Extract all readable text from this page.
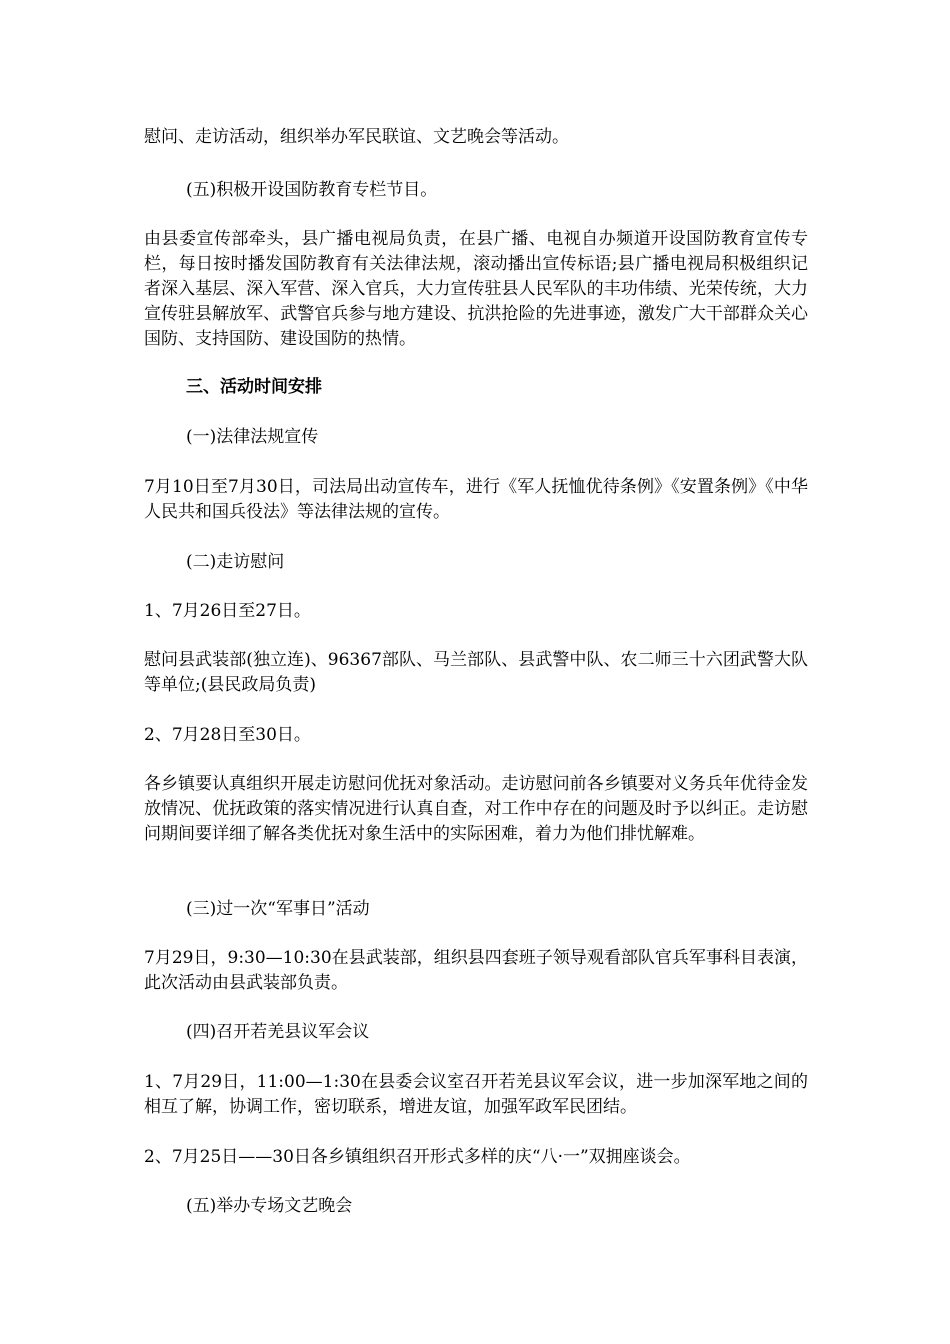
慰问、走访活动，组织举办军民联谊、文艺晚会等活动。

(五)积极开设国防教育专栏节目。

由县委宣传部牵头，县广播电视局负责，在县广播、电视自办频道开设国防教育宣传专栏，每日按时播发国防教育有关法律法规，滚动播出宣传标语;县广播电视局积极组织记者深入基层、深入军营、深入官兵，大力宣传驻县人民军队的丰功伟绩、光荣传统，大力宣传驻县解放军、武警官兵参与地方建设、抗洪抢险的先进事迹，激发广大干部群众关心国防、支持国防、建设国防的热情。

三、活动时间安排

(一)法律法规宣传

7月10日至7月30日，司法局出动宣传车，进行《军人抚恤优待条例》《安置条例》《中华人民共和国兵役法》等法律法规的宣传。

(二)走访慰问

1、7月26日至27日。

慰问县武装部(独立连)、96367部队、马兰部队、县武警中队、农二师三十六团武警大队等单位;(县民政局负责)

2、7月28日至30日。

各乡镇要认真组织开展走访慰问优抚对象活动。走访慰问前各乡镇要对义务兵年优待金发放情况、优抚政策的落实情况进行认真自查，对工作中存在的问题及时予以纠正。走访慰问期间要详细了解各类优抚对象生活中的实际困难，着力为他们排忧解难。

(三)过一次“军事日”活动

7月29日，9:30—10:30在县武装部，组织县四套班子领导观看部队官兵军事科目表演，此次活动由县武装部负责。

(四)召开若羌县议军会议

1、7月29日，11:00—1:30在县委会议室召开若羌县议军会议，进一步加深军地之间的相互了解，协调工作，密切联系，增进友谊，加强军政军民团结。

2、7月25日——30日各乡镇组织召开形式多样的庆“八·一”双拥座谈会。

(五)举办专场文艺晚会
